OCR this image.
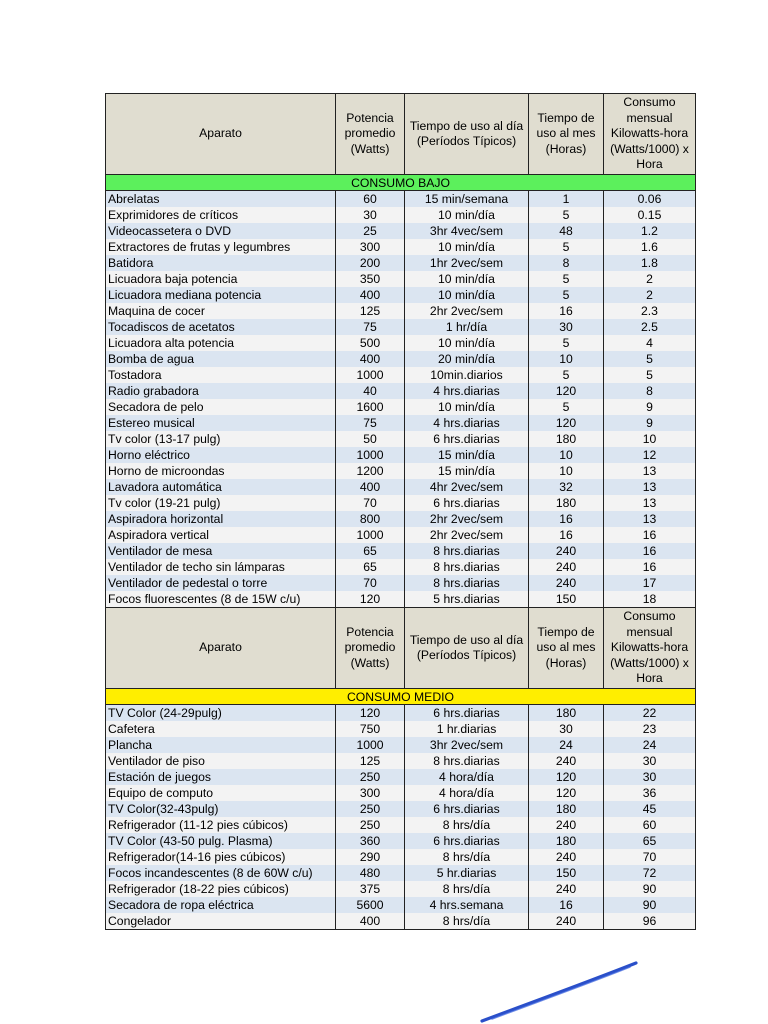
Aparato	Potencia promedio (Watts)	Tiempo de uso al día (Períodos Típicos)	Tiempo de uso al mes (Horas)	Consumo mensual Kilowatts-hora (Watts/1000) x Hora
CONSUMO BAJO				
Abrelatas	60	15 min/semana	1	0.06
Exprimidores de críticos	30	10 min/día	5	0.15
Videocassetera o DVD	25	3hr 4vec/sem	48	1.2
Extractores de frutas y legumbres	300	10 min/día	5	1.6
Batidora	200	1hr 2vec/sem	8	1.8
Licuadora baja potencia	350	10 min/día	5	2
Licuadora mediana potencia	400	10 min/día	5	2
Maquina de cocer	125	2hr 2vec/sem	16	2.3
Tocadiscos de acetatos	75	1 hr/día	30	2.5
Licuadora alta potencia	500	10 min/día	5	4
Bomba de agua	400	20 min/día	10	5
Tostadora	1000	10min.diarios	5	5
Radio grabadora	40	4 hrs.diarias	120	8
Secadora de pelo	1600	10 min/día	5	9
Estereo musical	75	4 hrs.diarias	120	9
Tv color (13-17 pulg)	50	6 hrs.diarias	180	10
Horno eléctrico	1000	15 min/día	10	12
Horno de microondas	1200	15 min/día	10	13
Lavadora automática	400	4hr 2vec/sem	32	13
Tv color (19-21 pulg)	70	6 hrs.diarias	180	13
Aspiradora horizontal	800	2hr 2vec/sem	16	13
Aspiradora vertical	1000	2hr 2vec/sem	16	16
Ventilador de mesa	65	8 hrs.diarias	240	16
Ventilador de techo sin lámparas	65	8 hrs.diarias	240	16
Ventilador de pedestal o torre	70	8 hrs.diarias	240	17
Focos fluorescentes (8 de 15W c/u)	120	5 hrs.diarias	150	18
Aparato	Potencia promedio (Watts)	Tiempo de uso al día (Períodos Típicos)	Tiempo de uso al mes (Horas)	Consumo mensual Kilowatts-hora (Watts/1000) x Hora
CONSUMO MEDIO				
TV Color (24-29pulg)	120	6 hrs.diarias	180	22
Cafetera	750	1 hr.diarias	30	23
Plancha	1000	3hr 2vec/sem	24	24
Ventilador de piso	125	8 hrs.diarias	240	30
Estación de juegos	250	4 hora/día	120	30
Equipo de computo	300	4 hora/día	120	36
TV Color(32-43pulg)	250	6 hrs.diarias	180	45
Refrigerador (11-12 pies cúbicos)	250	8 hrs/día	240	60
TV Color (43-50 pulg. Plasma)	360	6 hrs.diarias	180	65
Refrigerador(14-16 pies cúbicos)	290	8 hrs/día	240	70
Focos incandescentes (8 de 60W c/u)	480	5 hr.diarias	150	72
Refrigerador (18-22 pies cúbicos)	375	8 hrs/día	240	90
Secadora de ropa eléctrica	5600	4 hrs.semana	16	90
Congelador	400	8 hrs/día	240	96
